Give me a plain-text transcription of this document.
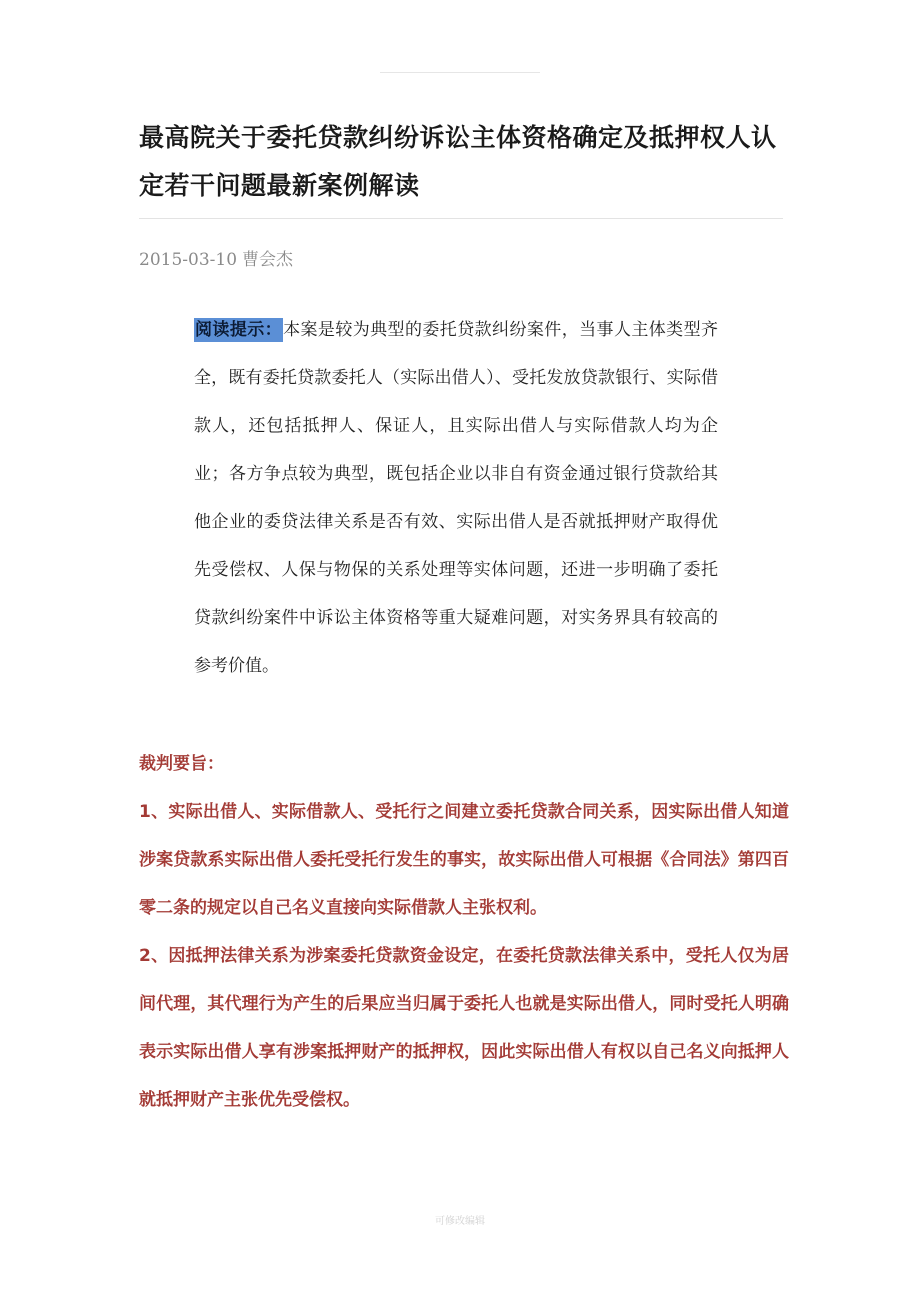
最高院关于委托贷款纠纷诉讼主体资格确定及抵押权人认定若干问题最新案例解读
2015-03-10 曹会杰

阅读提示：本案是较为典型的委托贷款纠纷案件，当事人主体类型齐全，既有委托贷款委托人（实际出借人）、受托发放贷款银行、实际借款人，还包括抵押人、保证人，且实际出借人与实际借款人均为企业；各方争点较为典型，既包括企业以非自有资金通过银行贷款给其他企业的委贷法律关系是否有效、实际出借人是否就抵押财产取得优先受偿权、人保与物保的关系处理等实体问题，还进一步明确了委托贷款纠纷案件中诉讼主体资格等重大疑难问题，对实务界具有较高的参考价值。

裁判要旨：

1、实际出借人、实际借款人、受托行之间建立委托贷款合同关系，因实际出借人知道涉案贷款系实际出借人委托受托行发生的事实，故实际出借人可根据《合同法》第四百零二条的规定以自己名义直接向实际借款人主张权利。

2、因抵押法律关系为涉案委托贷款资金设定，在委托贷款法律关系中，受托人仅为居间代理，其代理行为产生的后果应当归属于委托人也就是实际出借人，同时受托人明确表示实际出借人享有涉案抵押财产的抵押权，因此实际出借人有权以自己名义向抵押人就抵押财产主张优先受偿权。

可修改编辑
